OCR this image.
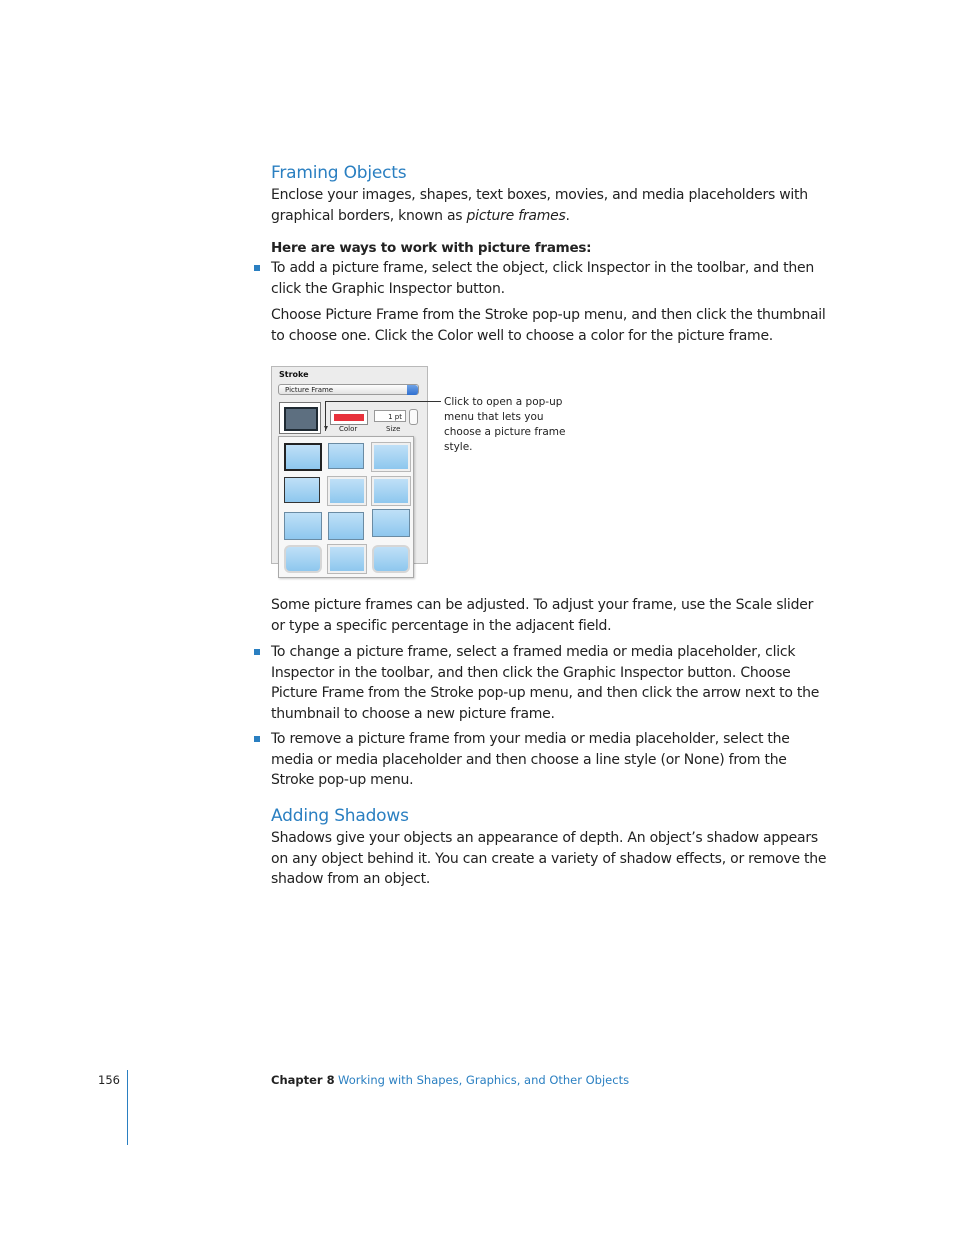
Framing Objects

Enclose your images, shapes, text boxes, movies, and media placeholders with graphical borders, known as picture frames.

Here are ways to work with picture frames:

To add a picture frame, select the object, click Inspector in the toolbar, and then click the Graphic Inspector button.

Choose Picture Frame from the Stroke pop-up menu, and then click the thumbnail to choose one. Click the Color well to choose a color for the picture frame.

Stroke
Picture Frame
1 pt
Color	Size
Click to open a pop-up menu that lets you choose a picture frame style.

Some picture frames can be adjusted. To adjust your frame, use the Scale slider or type a specific percentage in the adjacent field.

To change a picture frame, select a framed media or media placeholder, click Inspector in the toolbar, and then click the Graphic Inspector button. Choose Picture Frame from the Stroke pop-up menu, and then click the arrow next to the thumbnail to choose a new picture frame.

To remove a picture frame from your media or media placeholder, select the media or media placeholder and then choose a line style (or None) from the Stroke pop-up menu.

Adding Shadows

Shadows give your objects an appearance of depth. An object’s shadow appears on any object behind it. You can create a variety of shadow effects, or remove the shadow from an object.

156	Chapter 8 Working with Shapes, Graphics, and Other Objects
